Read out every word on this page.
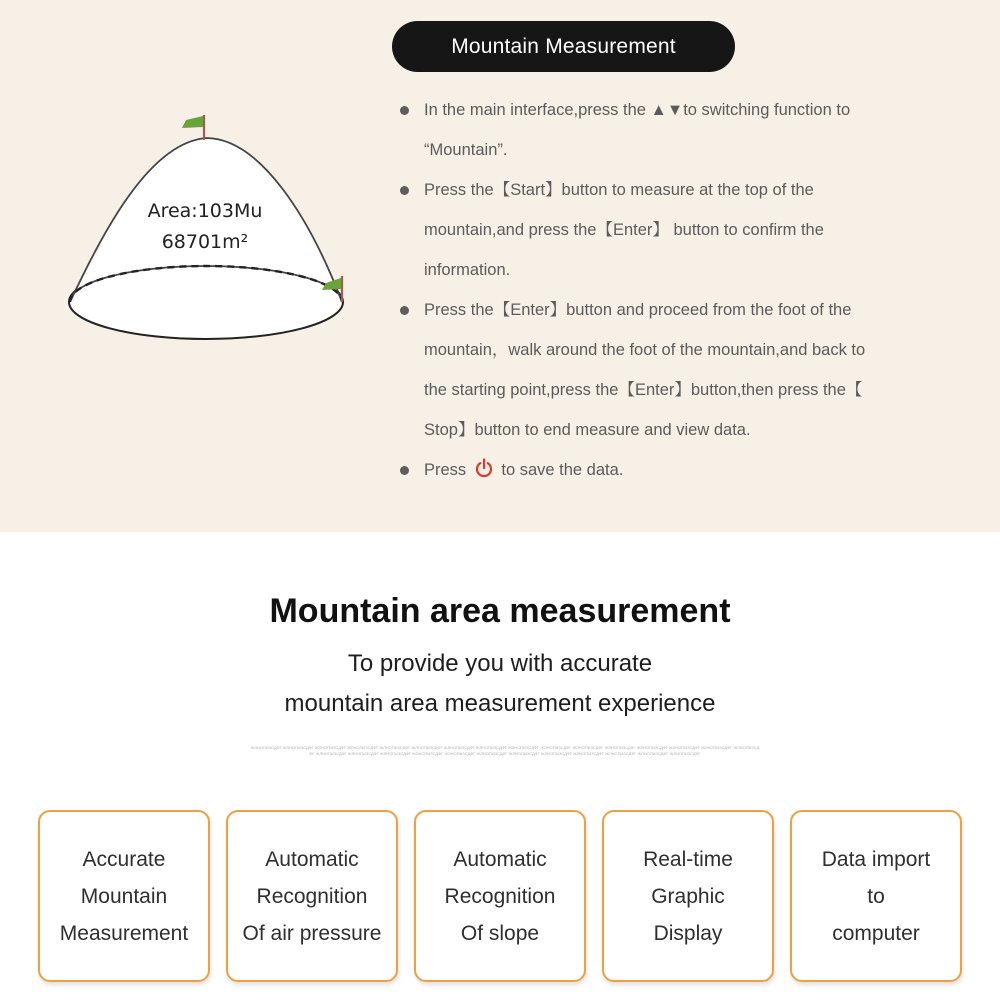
Mountain Measurement
Area:103Mu
68701m²
In the main interface,press the ▲▼to switching function to
“Mountain”.
Press the【Start】button to measure at the top of the
mountain,and press the【Enter】 button to confirm the
information.
Press the【Enter】button and proceed from the foot of the
mountain，walk around the foot of the mountain,and back to
the starting point,press the【Enter】button,then press the【
Stop】button to end measure and view data.
Press to save the data.
Mountain area measurement
To provide you with accurate
mountain area measurement experience
ЖЛНОПИЗСДФГ ЖЛНОПИЗСДФГ ЖЛНОПИЗСДФГ ЖЛНОПИЗСДФГ ЖЛНОПИЗСДФГ ЖЛНОПИЗСДФГ ЖЛНОПИЗСДФГ ЖЛНОПИЗСДФГ ЖЛНОПИЗСДФГ ЖЛНОПИЗСДФГ ЖЛНОПИЗСДФГ ЖЛНОПИЗСДФГ ЖЛНОПИЗСДФГ ЖЛНОПИЗСДФГ ЖЛНОПИЗСДФГ ЖЛНОПИЗСДФГ ЖЛНОПИЗСДФГ ЖЛНОПИЗСДФГ ЖЛНОПИЗСДФГ ЖЛНОПИЗСДФГ ЖЛНОПИЗСДФГ ЖЛНОПИЗСДФГ ЖЛНОПИЗСДФГ ЖЛНОПИЗСДФГ ЖЛНОПИЗСДФГ ЖЛНОПИЗСДФГ ЖЛНОПИЗСДФГ ЖЛНОПИЗСДФГ
Accurate
Mountain
Measurement
Automatic
Recognition
Of air pressure
Automatic
Recognition
Of slope
Real-time
Graphic
Display
Data import
to
computer
